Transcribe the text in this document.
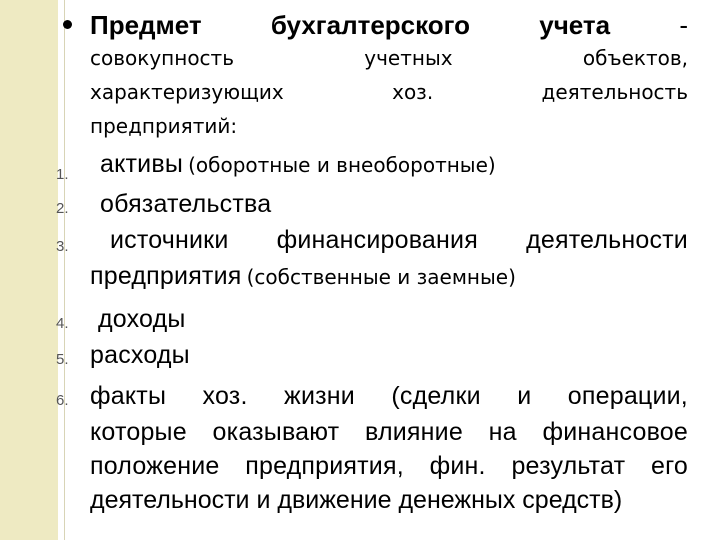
Предмет	бухгалтерского	учета	-
совокупность	учетных	объектов,
характеризующих	хоз.	деятельность
предприятий:
1. активы (оборотные и внеоборотные)
2. обязательства
3. источники финансирования деятельности
предприятия (собственные и заемные)
4. доходы
5. расходы
6. факты хоз. жизни (сделки и операции,
которые оказывают влияние на финансовое
положение предприятия, фин. результат его
деятельности и движение денежных средств)
